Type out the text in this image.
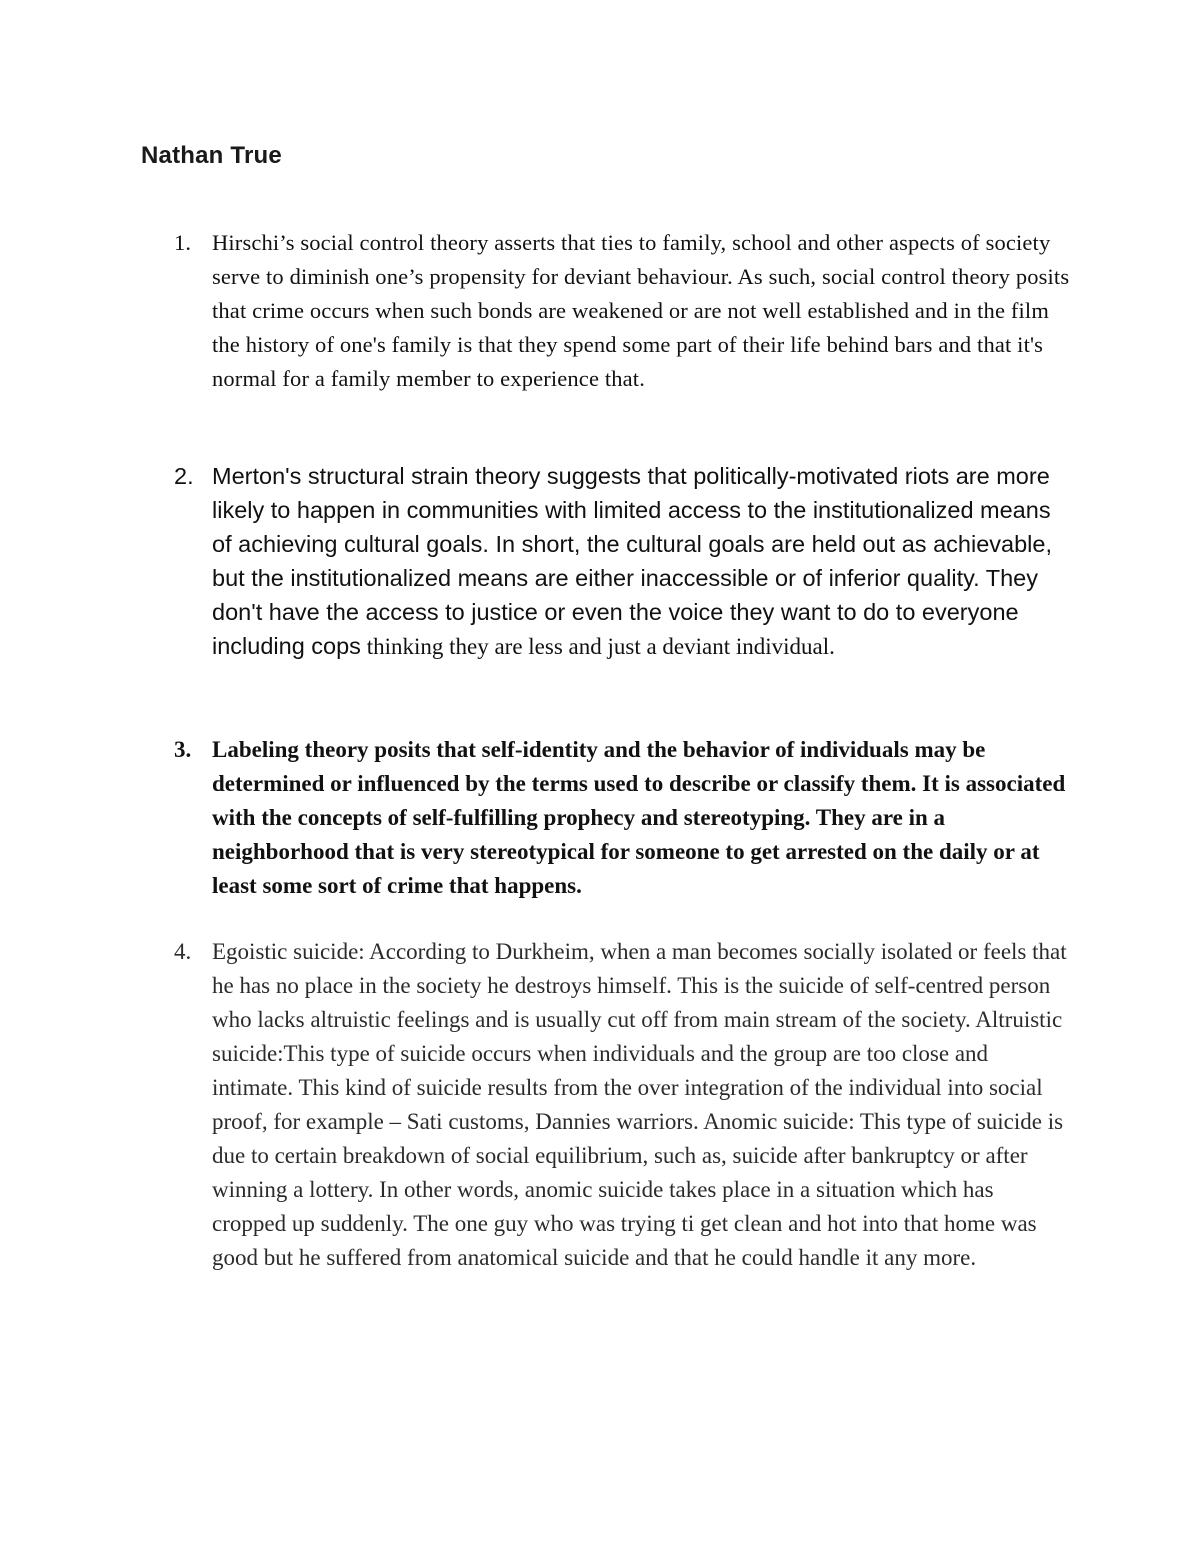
Nathan True
1. Hirschi’s social control theory asserts that ties to family, school and other aspects of society serve to diminish one’s propensity for deviant behaviour. As such, social control theory posits that crime occurs when such bonds are weakened or are not well established and in the film the history of one's family is that they spend some part of their life behind bars and that it's normal for a family member to experience that.
2. Merton's structural strain theory suggests that politically-motivated riots are more likely to happen in communities with limited access to the institutionalized means of achieving cultural goals. In short, the cultural goals are held out as achievable, but the institutionalized means are either inaccessible or of inferior quality. They don't have the access to justice or even the voice they want to do to everyone including cops thinking they are less and just a deviant individual.
3. Labeling theory posits that self-identity and the behavior of individuals may be determined or influenced by the terms used to describe or classify them. It is associated with the concepts of self-fulfilling prophecy and stereotyping. They are in a neighborhood that is very stereotypical for someone to get arrested on the daily or at least some sort of crime that happens.
4. Egoistic suicide: According to Durkheim, when a man becomes socially isolated or feels that he has no place in the society he destroys himself. This is the suicide of self-centred person who lacks altruistic feelings and is usually cut off from main stream of the society. Altruistic suicide:This type of suicide occurs when individuals and the group are too close and intimate. This kind of suicide results from the over integration of the individual into social proof, for example – Sati customs, Dannies warriors. Anomic suicide: This type of suicide is due to certain breakdown of social equilibrium, such as, suicide after bankruptcy or after winning a lottery. In other words, anomic suicide takes place in a situation which has cropped up suddenly. The one guy who was trying ti get clean and hot into that home was good but he suffered from anatomical suicide and that he could handle it any more.
